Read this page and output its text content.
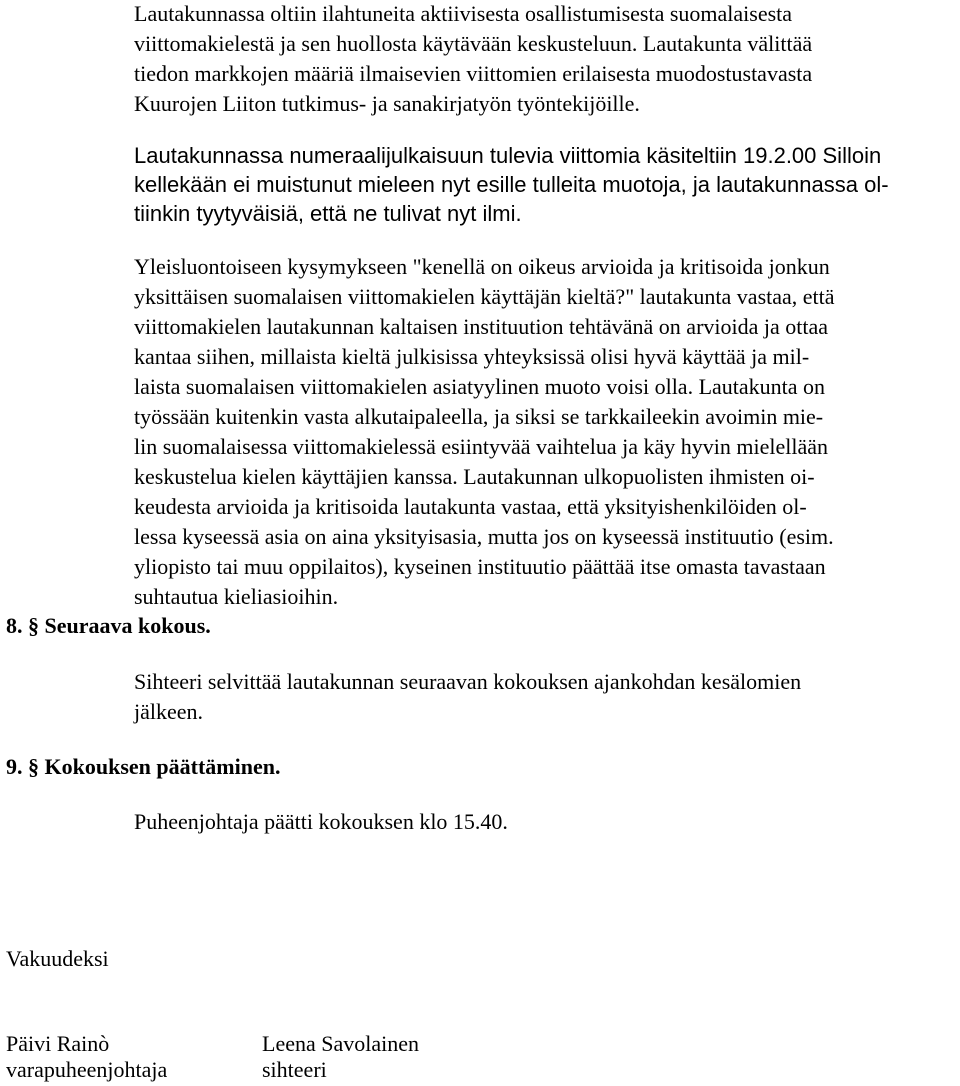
Lautakunnassa oltiin ilahtuneita aktiivisesta osallistumisesta suomalaisesta
viittomakielestä ja sen huollosta käytävään keskusteluun. Lautakunta välittää
tiedon markkojen määriä ilmaisevien viittomien erilaisesta muodostustavasta
Kuurojen Liiton tutkimus- ja sanakirjatyön työntekijöille.
Lautakunnassa numeraalijulkaisuun tulevia viittomia käsiteltiin 19.2.00 Silloin
kellekään ei muistunut mieleen nyt esille tulleita muotoja, ja lautakunnassa ol-
tiinkin tyytyväisiä, että ne tulivat nyt ilmi.
Yleisluontoiseen kysymykseen "kenellä on oikeus arvioida ja kritisoida jonkun
yksittäisen suomalaisen viittomakielen käyttäjän kieltä?" lautakunta vastaa, että
viittomakielen lautakunnan kaltaisen instituution tehtävänä on arvioida ja ottaa
kantaa siihen, millaista kieltä julkisissa yhteyksissä olisi hyvä käyttää ja mil-
laista suomalaisen viittomakielen asiatyylinen muoto voisi olla. Lautakunta on
työssään kuitenkin vasta alkutaipaleella, ja siksi se tarkkaileekin avoimin mie-
lin suomalaisessa viittomakielessä esiintyvää vaihtelua ja käy hyvin mielellään
keskustelua kielen käyttäjien kanssa. Lautakunnan ulkopuolisten ihmisten oi-
keudesta arvioida ja kritisoida lautakunta vastaa, että yksityishenkilöiden ol-
lessa kyseessä asia on aina yksityisasia, mutta jos on kyseessä instituutio (esim.
yliopisto tai muu oppilaitos), kyseinen instituutio päättää itse omasta tavastaan
suhtautua kieliasioihin.
8. § Seuraava kokous.
Sihteeri selvittää lautakunnan seuraavan kokouksen ajankohdan kesälomien
jälkeen.
9. § Kokouksen päättäminen.
Puheenjohtaja päätti kokouksen klo 15.40.
Vakuudeksi
Päivi Rainò
varapuheenjohtaja
Leena Savolainen
sihteeri
